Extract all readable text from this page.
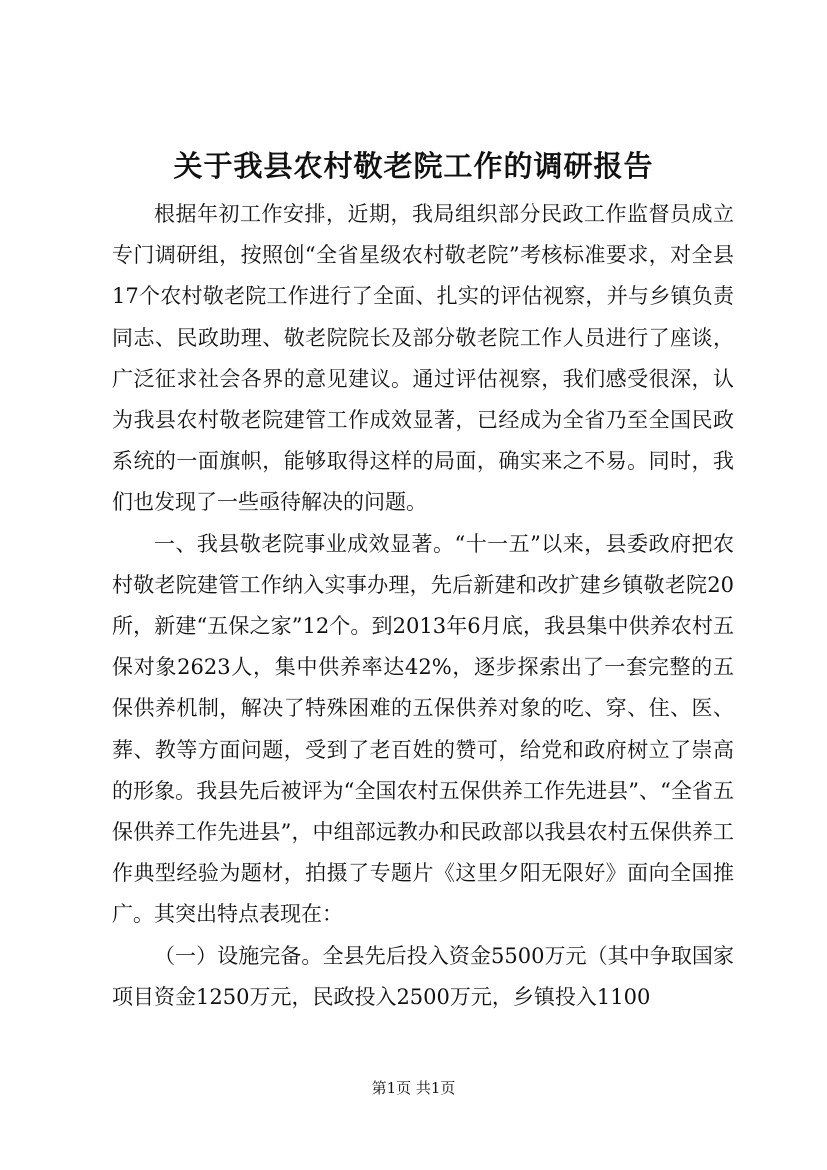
关于我县农村敬老院工作的调研报告

根据年初工作安排，近期，我局组织部分民政工作监督员成立专门调研组，按照创“全省星级农村敬老院”考核标准要求，对全县17个农村敬老院工作进行了全面、扎实的评估视察，并与乡镇负责同志、民政助理、敬老院院长及部分敬老院工作人员进行了座谈，广泛征求社会各界的意见建议。通过评估视察，我们感受很深，认为我县农村敬老院建管工作成效显著，已经成为全省乃至全国民政系统的一面旗帜，能够取得这样的局面，确实来之不易。同时，我们也发现了一些亟待解决的问题。

一、我县敬老院事业成效显著。“十一五”以来，县委政府把农村敬老院建管工作纳入实事办理，先后新建和改扩建乡镇敬老院20所，新建“五保之家”12个。到2013年6月底，我县集中供养农村五保对象2623人，集中供养率达42%，逐步探索出了一套完整的五保供养机制，解决了特殊困难的五保供养对象的吃、穿、住、医、葬、教等方面问题，受到了老百姓的赞可，给党和政府树立了崇高的形象。我县先后被评为“全国农村五保供养工作先进县”、“全省五保供养工作先进县”，中组部远教办和民政部以我县农村五保供养工作典型经验为题材，拍摄了专题片《这里夕阳无限好》面向全国推广。其突出特点表现在：

（一）设施完备。全县先后投入资金5500万元（其中争取国家项目资金1250万元，民政投入2500万元，乡镇投入1100

第1页 共1页
